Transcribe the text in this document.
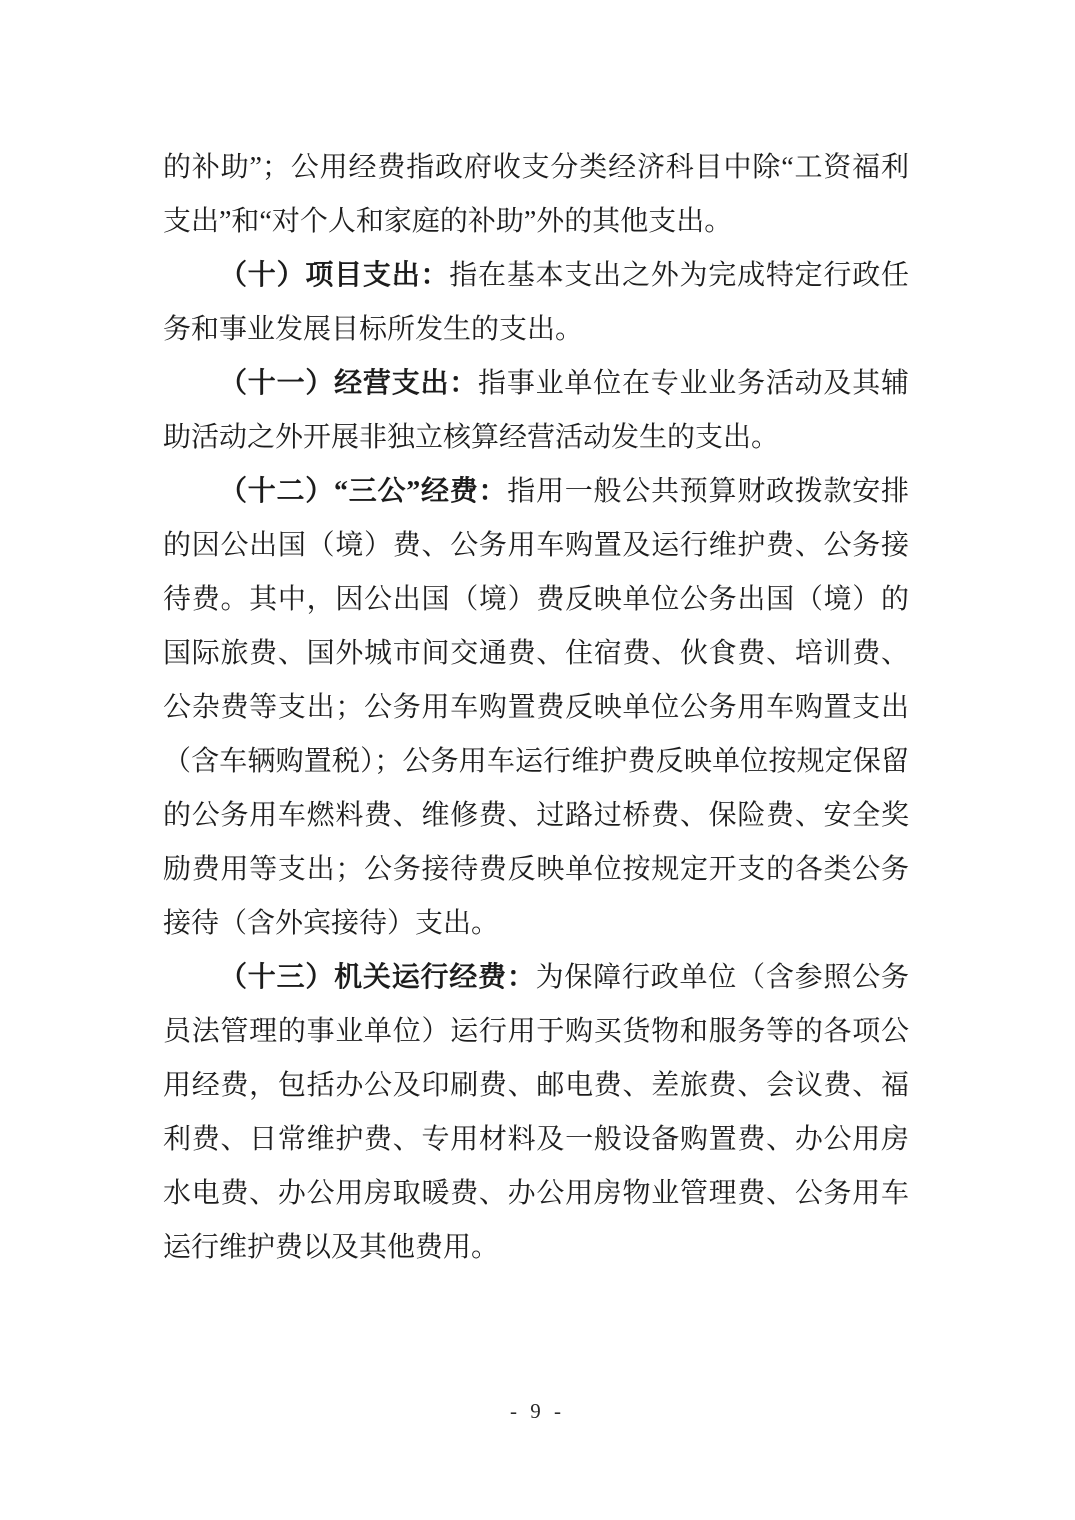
的补助”；公用经费指政府收支分类经济科目中除“工资福利支出”和“对个人和家庭的补助”外的其他支出。

（十）项目支出：指在基本支出之外为完成特定行政任务和事业发展目标所发生的支出。

（十一）经营支出：指事业单位在专业业务活动及其辅助活动之外开展非独立核算经营活动发生的支出。

（十二）“三公”经费：指用一般公共预算财政拨款安排的因公出国（境）费、公务用车购置及运行维护费、公务接待费。其中，因公出国（境）费反映单位公务出国（境）的国际旅费、国外城市间交通费、住宿费、伙食费、培训费、公杂费等支出；公务用车购置费反映单位公务用车购置支出（含车辆购置税）；公务用车运行维护费反映单位按规定保留的公务用车燃料费、维修费、过路过桥费、保险费、安全奖励费用等支出；公务接待费反映单位按规定开支的各类公务接待（含外宾接待）支出。

（十三）机关运行经费：为保障行政单位（含参照公务员法管理的事业单位）运行用于购买货物和服务等的各项公用经费，包括办公及印刷费、邮电费、差旅费、会议费、福利费、日常维护费、专用材料及一般设备购置费、办公用房水电费、办公用房取暖费、办公用房物业管理费、公务用车运行维护费以及其他费用。

- 9 -
